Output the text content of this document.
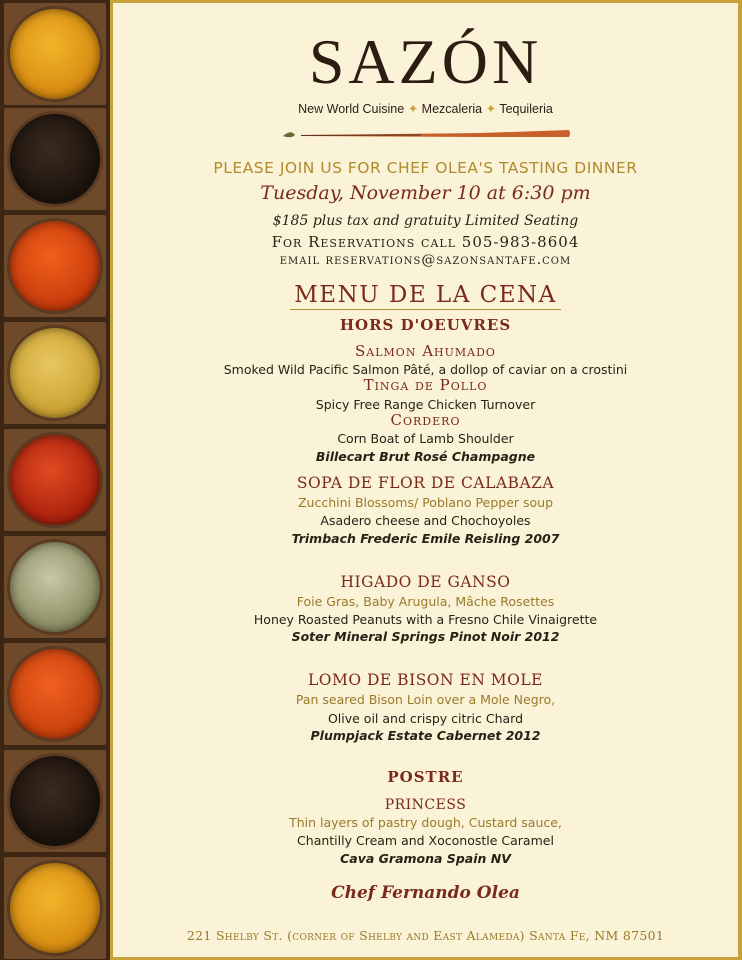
SAZÓN
New World Cuisine ✦ Mezcaleria ✦ Tequileria
PLEASE JOIN US FOR CHEF OLEA'S TASTING DINNER
Tuesday, November 10 at 6:30 pm
$185 plus tax and gratuity Limited Seating
For Reservations call 505-983-8604
email reservations@sazonsantafe.com
MENU DE LA CENA
HORS D'OEUVRES
Salmon Ahumado
Smoked Wild Pacific Salmon Pâté, a dollop of caviar on a crostini
Tinga de Pollo
Spicy Free Range Chicken Turnover
Cordero
Corn Boat of Lamb Shoulder
Billecart Brut Rosé Champagne
SOPA DE FLOR DE CALABAZA
Zucchini Blossoms/ Poblano Pepper soup
Asadero cheese and Chochoyoles
Trimbach Frederic Emile Reisling 2007
HIGADO DE GANSO
Foie Gras, Baby Arugula, Mâche Rosettes
Honey Roasted Peanuts with a Fresno Chile Vinaigrette
Soter Mineral Springs Pinot Noir 2012
LOMO DE BISON EN MOLE
Pan seared Bison Loin over a Mole Negro,
Olive oil and crispy citric Chard
Plumpjack Estate Cabernet 2012
POSTRE
PRINCESS
Thin layers of pastry dough, Custard sauce,
Chantilly Cream and Xoconostle Caramel
Cava Gramona Spain NV
Chef Fernando Olea
221 Shelby St. (corner of Shelby and East Alameda) Santa Fe, NM 87501
